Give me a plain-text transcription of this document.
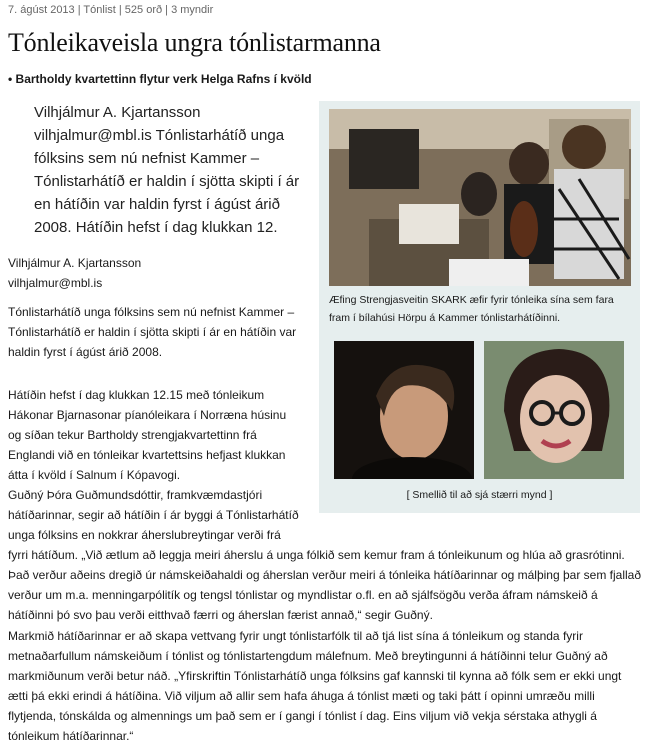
7. ágúst 2013 | Tónlist | 525 orð | 3 myndir
Tónleikaveisla ungra tónlistarmanna
• Bartholdy kvartettinn flytur verk Helga Rafns í kvöld
Vilhjálmur A. Kjartansson vilhjalmur@mbl.is Tónlistarhátíð unga fólksins sem nú nefnist Kammer – Tónlistarhátíð er haldin í sjötta skipti í ár en hátíðin var haldin fyrst í ágúst árið 2008. Hátíðin hefst í dag klukkan 12.
Vilhjálmur A. Kjartansson
vilhjalmur@mbl.is
Tónlistarhátíð unga fólksins sem nú nefnist Kammer – Tónlistarhátíð er haldin í sjötta skipti í ár en hátíðin var haldin fyrst í ágúst árið 2008.
Hátíðin hefst í dag klukkan 12.15 með tónleikum Hákonar Bjarnasonar píanóleikara í Norræna húsinu og síðan tekur Bartholdy strengjakvartettinn frá Englandi við en tónleikar kvartettsins hefjast klukkan átta í kvöld í Salnum í Kópavogi.
Guðný Þóra Guðmundsdóttir, framkvæmdastjóri hátíðarinnar, segir að hátíðin í ár byggi á Tónlistarhátíð unga fólksins en nokkrar áherslubreytingar verði frá
fyrri hátíðum. „Við ætlum að leggja meiri áherslu á unga fólkið sem kemur fram á tónleikunum og hlúa að grasrótinni. Það verður aðeins dregið úr námskeiðahaldi og áherslan verður meiri á tónleika hátíðarinnar og málþing þar sem fjallað verður um m.a. menningarpólitík og tengsl tónlistar og myndlistar o.fl. en að sjálfsögðu verða áfram námskeið á hátíðinni þó svo þau verði eitthvað færri og áherslan færist annað,“ segir Guðný.
Markmið hátíðarinnar er að skapa vettvang fyrir ungt tónlistarfólk til að tjá list sína á tónleikum og standa fyrir metnaðarfullum námskeiðum í tónlist og tónlistartengdum málefnum. Með breytingunni á hátíðinni telur Guðný að markmiðunum verði betur náð. „Yfirskriftin Tónlistarhátíð unga fólksins gaf kannski til kynna að fólk sem er ekki ungt ætti þá ekki erindi á hátíðina. Við viljum að allir sem hafa áhuga á tónlist mæti og taki þátt í opinni umræðu milli flytjenda, tónskálda og almennings um það sem er í gangi í tónlist í dag. Eins viljum við vekja sérstaka athygli á tónleikum hátíðarinnar.“
Æfing Strengjasveitin SKARK æfir fyrir tónleika sína sem fara fram í bílahúsi Hörpu á Kammer tónlistarhátíðinni.
[ Smellið til að sjá stærri mynd ]
